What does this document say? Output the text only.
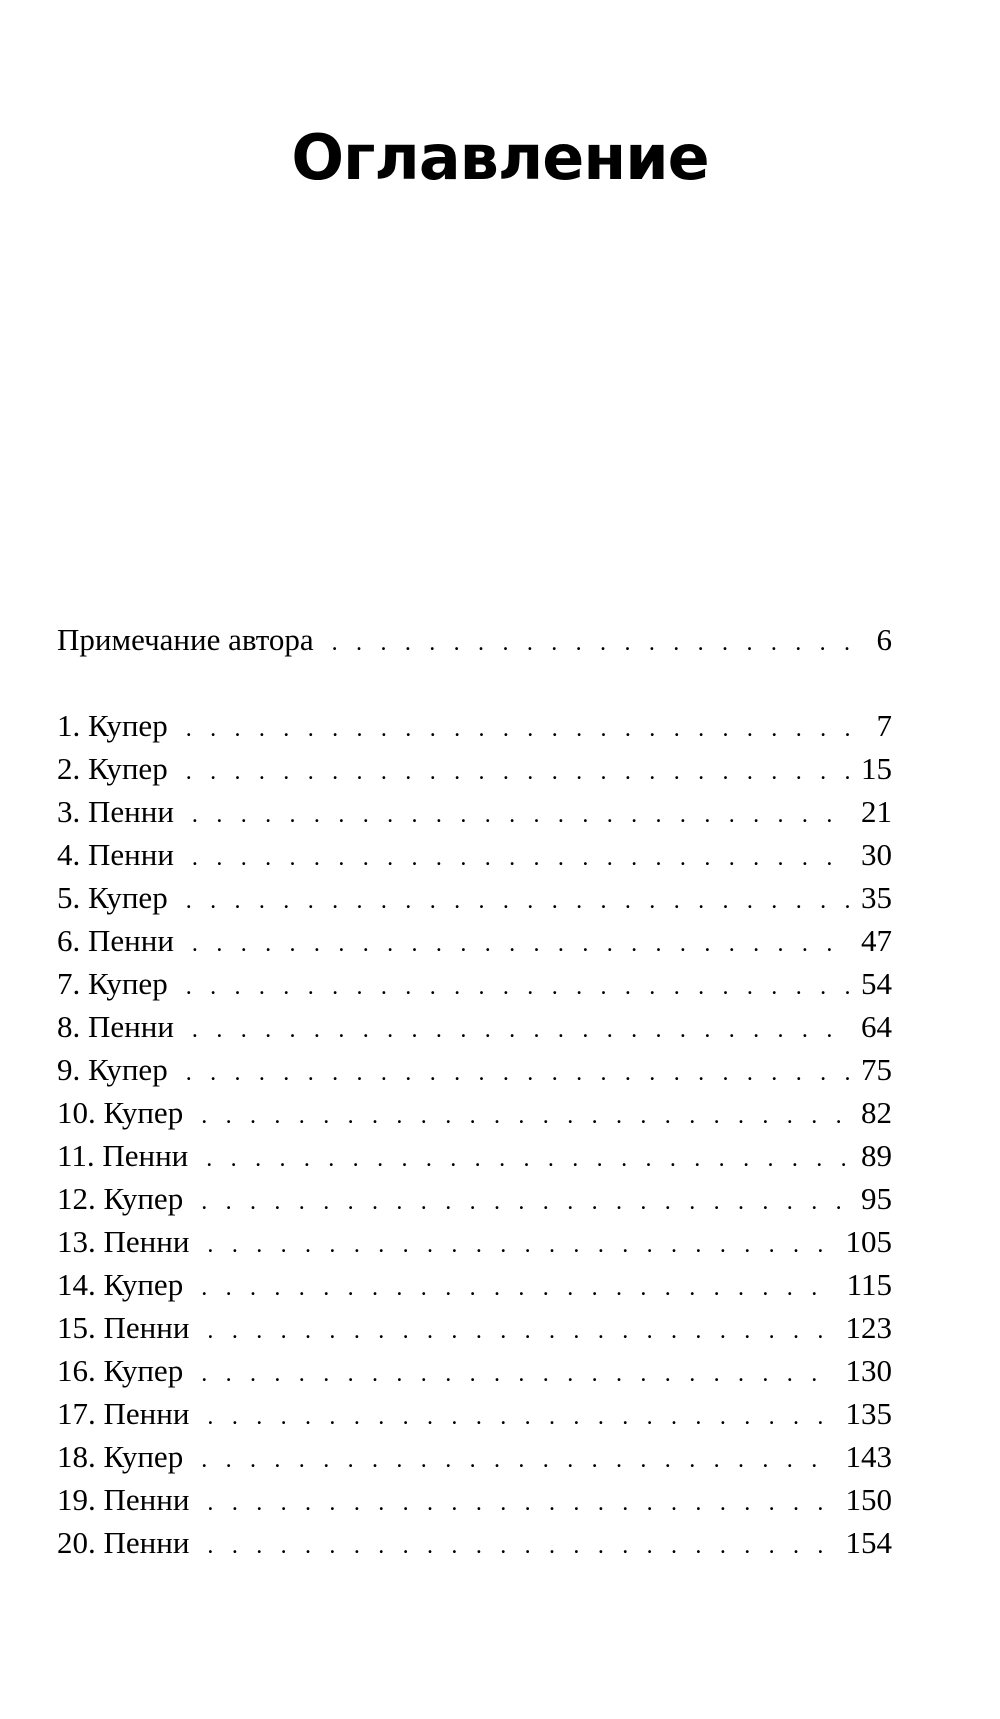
Оглавление
Примечание автора . . .	6
1. Купер . . .	7
2. Купер . . .	15
3. Пенни . . .	21
4. Пенни . . .	30
5. Купер . . .	35
6. Пенни . . .	47
7. Купер . . .	54
8. Пенни . . .	64
9. Купер . . .	75
10. Купер . . .	82
11. Пенни . . .	89
12. Купер . . .	95
13. Пенни . . .	105
14. Купер . . .	115
15. Пенни . . .	123
16. Купер . . .	130
17. Пенни . . .	135
18. Купер . . .	143
19. Пенни . . .	150
20. Пенни . . .	154
